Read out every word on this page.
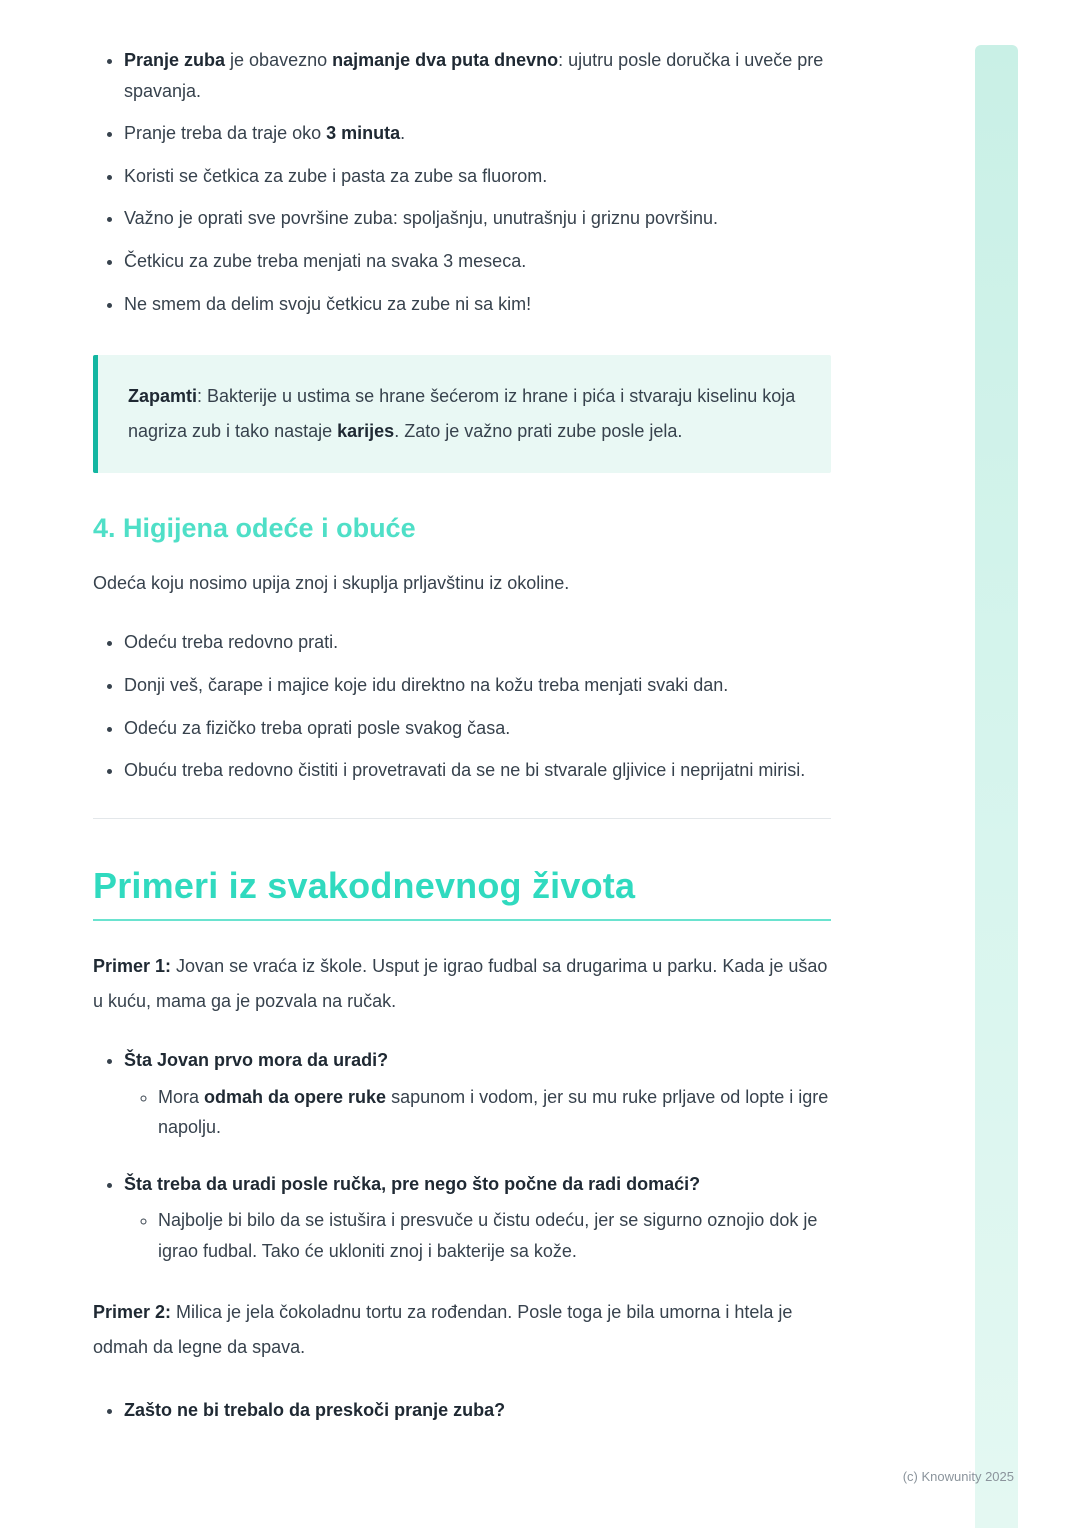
(c) Knowunity 2025
• Pranje zuba je obavezno najmanje dva puta dnevno: ujutru posle doručka i uveče pre spavanja.
• Pranje treba da traje oko 3 minuta.
• Koristi se četkica za zube i pasta za zube sa fluorom.
• Važno je oprati sve površine zuba: spoljašnju, unutrašnju i griznu površinu.
• Četkicu za zube treba menjati na svaka 3 meseca.
• Ne smem da delim svoju četkicu za zube ni sa kim!

Zapamti: Bakterije u ustima se hrane šećerom iz hrane i pića i stvaraju kiselinu koja nagriza zub i tako nastaje karijes. Zato je važno prati zube posle jela.

4. Higijena odeće i obuće

Odeća koju nosimo upija znoj i skuplja prljavštinu iz okoline.

• Odeću treba redovno prati.
• Donji veš, čarape i majice koje idu direktno na kožu treba menjati svaki dan.
• Odeću za fizičko treba oprati posle svakog časa.
• Obuću treba redovno čistiti i provetravati da se ne bi stvarale gljivice i neprijatni mirisi.
Primeri iz svakodnevnog života

Primer 1: Jovan se vraća iz škole. Usput je igrao fudbal sa drugarima u parku. Kada je ušao u kuću, mama ga je pozvala na ručak.

• Šta Jovan prvo mora da uradi?

◦ Mora odmah da opere ruke sapunom i vodom, jer su mu ruke prljave od lopte i igre napolju.

• Šta treba da uradi posle ručka, pre nego što počne da radi domaći?

◦ Najbolje bi bilo da se istušira i presvuče u čistu odeću, jer se sigurno oznojio dok je igrao fudbal. Tako će ukloniti znoj i bakterije sa kože.

Primer 2: Milica je jela čokoladnu tortu za rođendan. Posle toga je bila umorna i htela je odmah da legne da spava.

• Zašto ne bi trebalo da preskoči pranje zuba?
